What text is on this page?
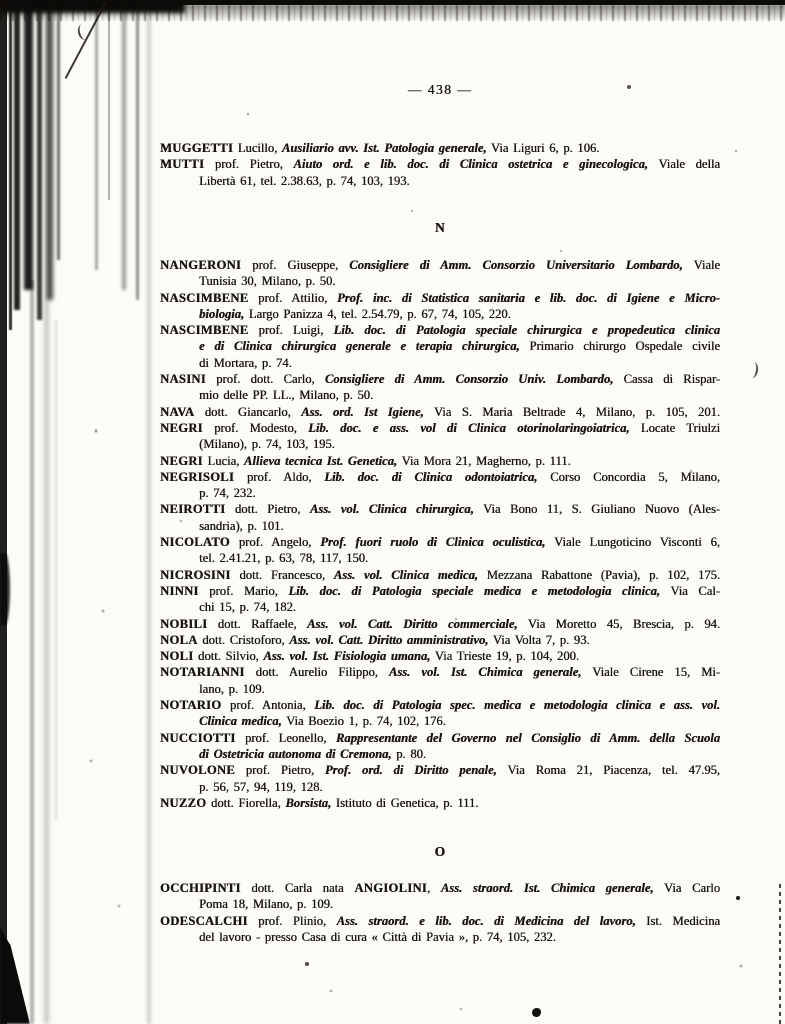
— 438 —
MUGGETTI Lucillo, Ausiliario avv. Ist. Patologia generale, Via Liguri 6, p. 106.
MUTTI prof. Pietro, Aiuto ord. e lib. doc. di Clinica ostetrica e ginecologica, Viale della
Libertà 61, tel. 2.38.63, p. 74, 103, 193.
N
NANGERONI prof. Giuseppe, Consigliere di Amm. Consorzio Universitario Lombardo, Viale
Tunisia 30, Milano, p. 50.
NASCIMBENE prof. Attilio, Prof. inc. di Statistica sanitaria e lib. doc. di Igiene e Micro-
biologia, Largo Panizza 4, tel. 2.54.79, p. 67, 74, 105, 220.
NASCIMBENE prof. Luigi, Lib. doc. di Patologia speciale chirurgica e propedeutica clinica
e di Clinica chirurgica generale e terapia chirurgica, Primario chirurgo Ospedale civile
di Mortara, p. 74.
NASINI prof. dott. Carlo, Consigliere di Amm. Consorzio Univ. Lombardo, Cassa di Rispar-
mio delle PP. LL., Milano, p. 50.
NAVA dott. Giancarlo, Ass. ord. Ist Igiene, Via S. Maria Beltrade 4, Milano, p. 105, 201.
NEGRI prof. Modesto, Lib. doc. e ass. vol di Clinica otorinolaringoiatrica, Locate Triulzi
(Milano), p. 74, 103, 195.
NEGRI Lucia, Allieva tecnica Ist. Genetica, Via Mora 21, Magherno, p. 111.
NEGRISOLI prof. Aldo, Lib. doc. di Clinica odontoiatrica, Corso Concordia 5, Milano,
p. 74, 232.
NEIROTTI dott. Pietro, Ass. vol. Clinica chirurgica, Via Bono 11, S. Giuliano Nuovo (Ales-
sandria), p. 101.
NICOLATO prof. Angelo, Prof. fuori ruolo di Clinica oculistica, Viale Lungoticino Visconti 6,
tel. 2.41.21, p. 63, 78, 117, 150.
NICROSINI dott. Francesco, Ass. vol. Clinica medica, Mezzana Rabattone (Pavia), p. 102, 175.
NINNI prof. Mario, Lib. doc. di Patologia speciale medica e metodologia clinica, Via Cal-
chi 15, p. 74, 182.
NOBILI dott. Raffaele, Ass. vol. Catt. Diritto commerciale, Via Moretto 45, Brescia, p. 94.
NOLA dott. Cristoforo, Ass. vol. Catt. Diritto amministrativo, Via Volta 7, p. 93.
NOLI dott. Silvio, Ass. vol. Ist. Fisiologia umana, Via Trieste 19, p. 104, 200.
NOTARIANNI dott. Aurelio Filippo, Ass. vol. Ist. Chimica generale, Viale Cirene 15, Mi-
lano, p. 109.
NOTARIO prof. Antonia, Lib. doc. di Patologia spec. medica e metodologia clinica e ass. vol.
Clinica medica, Via Boezio 1, p. 74, 102, 176.
NUCCIOTTI prof. Leonello, Rappresentante del Governo nel Consiglio di Amm. della Scuola
di Ostetricia autonoma di Cremona, p. 80.
NUVOLONE prof. Pietro, Prof. ord. di Diritto penale, Via Roma 21, Piacenza, tel. 47.95,
p. 56, 57, 94, 119, 128.
NUZZO dott. Fiorella, Borsista, Istituto di Genetica, p. 111.
O
OCCHIPINTI dott. Carla nata ANGIOLINI, Ass. straord. Ist. Chimica generale, Via Carlo
Poma 18, Milano, p. 109.
ODESCALCHI prof. Plinio, Ass. straord. e lib. doc. di Medicina del lavoro, Ist. Medicina
del lavoro - presso Casa di cura « Città di Pavia », p. 74, 105, 232.
